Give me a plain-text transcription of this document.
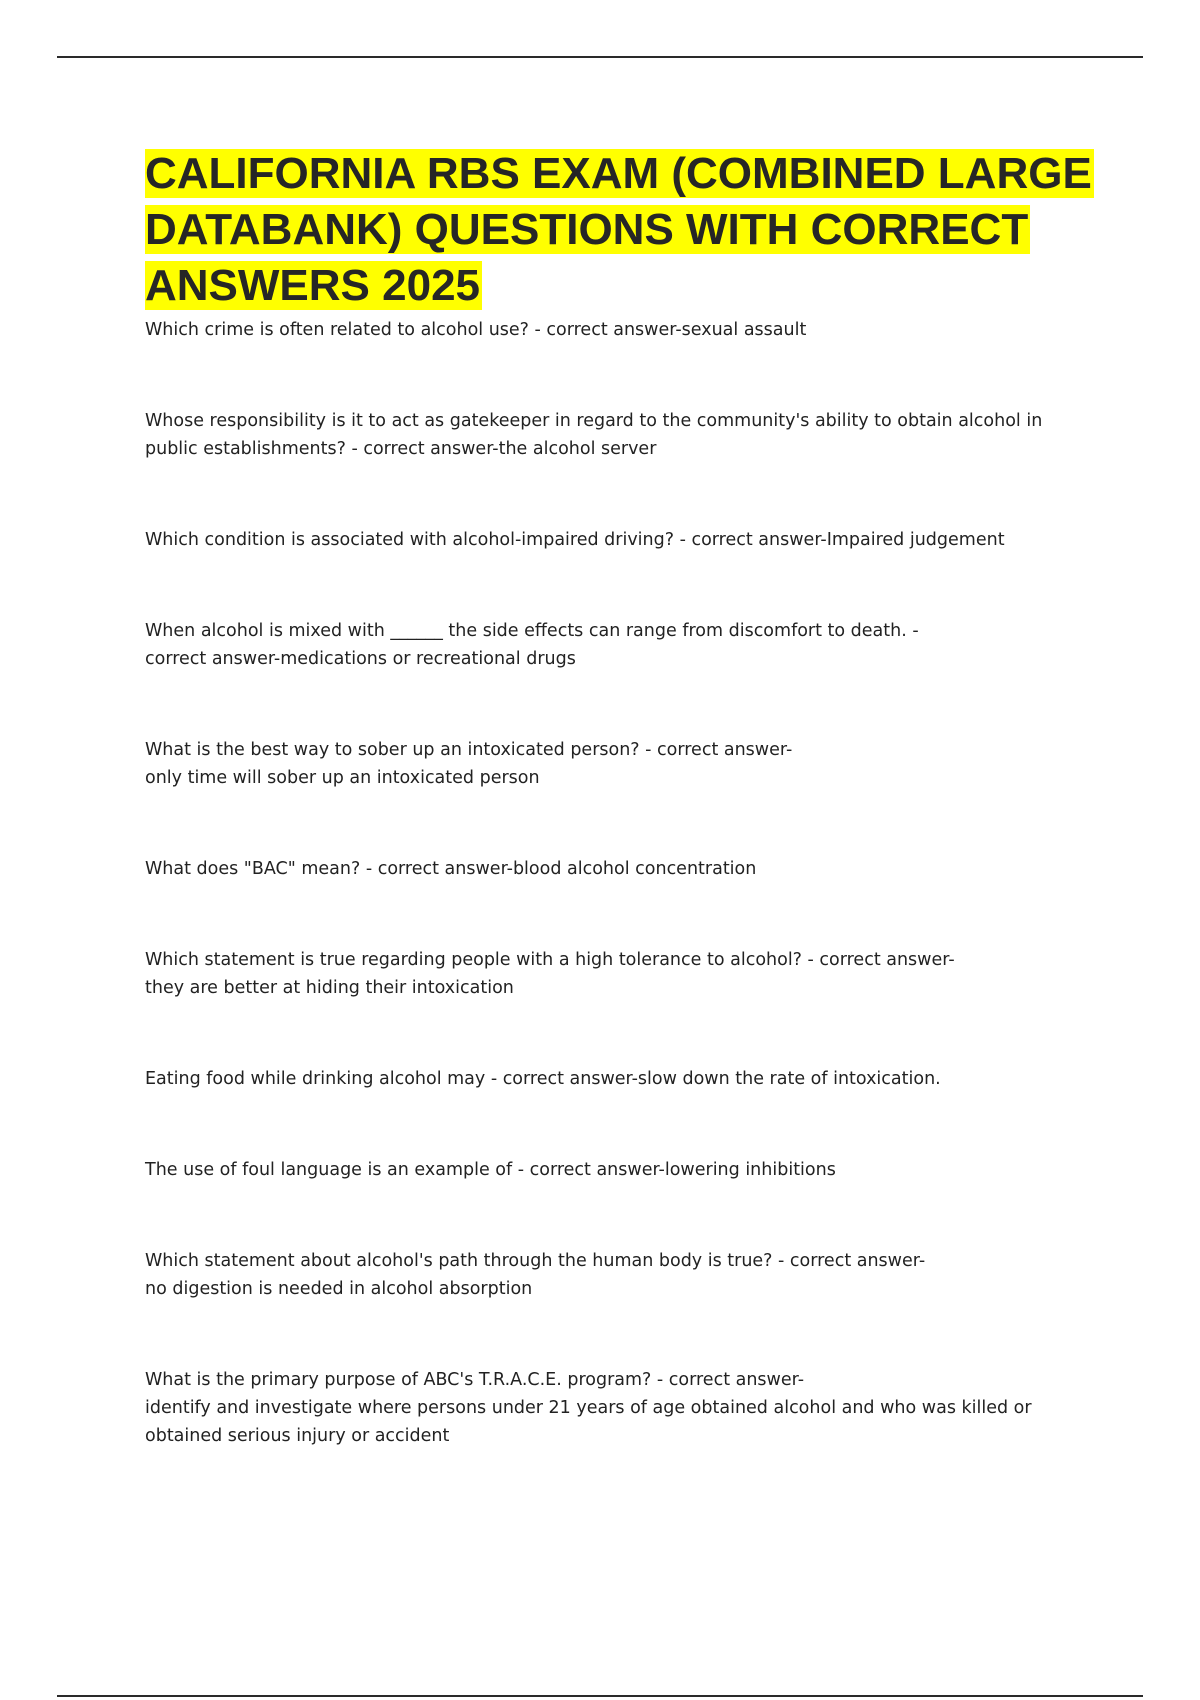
CALIFORNIA RBS EXAM (COMBINED LARGE DATABANK) QUESTIONS WITH CORRECT ANSWERS 2025
Which crime is often related to alcohol use? - correct answer-sexual assault
Whose responsibility is it to act as gatekeeper in regard to the community's ability to obtain alcohol in
public establishments? - correct answer-the alcohol server
Which condition is associated with alcohol-impaired driving? - correct answer-Impaired judgement
When alcohol is mixed with ______ the side effects can range from discomfort to death. -
correct answer-medications or recreational drugs
What is the best way to sober up an intoxicated person? - correct answer-
only time will sober up an intoxicated person
What does "BAC" mean? - correct answer-blood alcohol concentration
Which statement is true regarding people with a high tolerance to alcohol? - correct answer-
they are better at hiding their intoxication
Eating food while drinking alcohol may - correct answer-slow down the rate of intoxication.
The use of foul language is an example of - correct answer-lowering inhibitions
Which statement about alcohol's path through the human body is true? - correct answer-
no digestion is needed in alcohol absorption
What is the primary purpose of ABC's T.R.A.C.E. program? - correct answer-
identify and investigate where persons under 21 years of age obtained alcohol and who was killed or
obtained serious injury or accident
